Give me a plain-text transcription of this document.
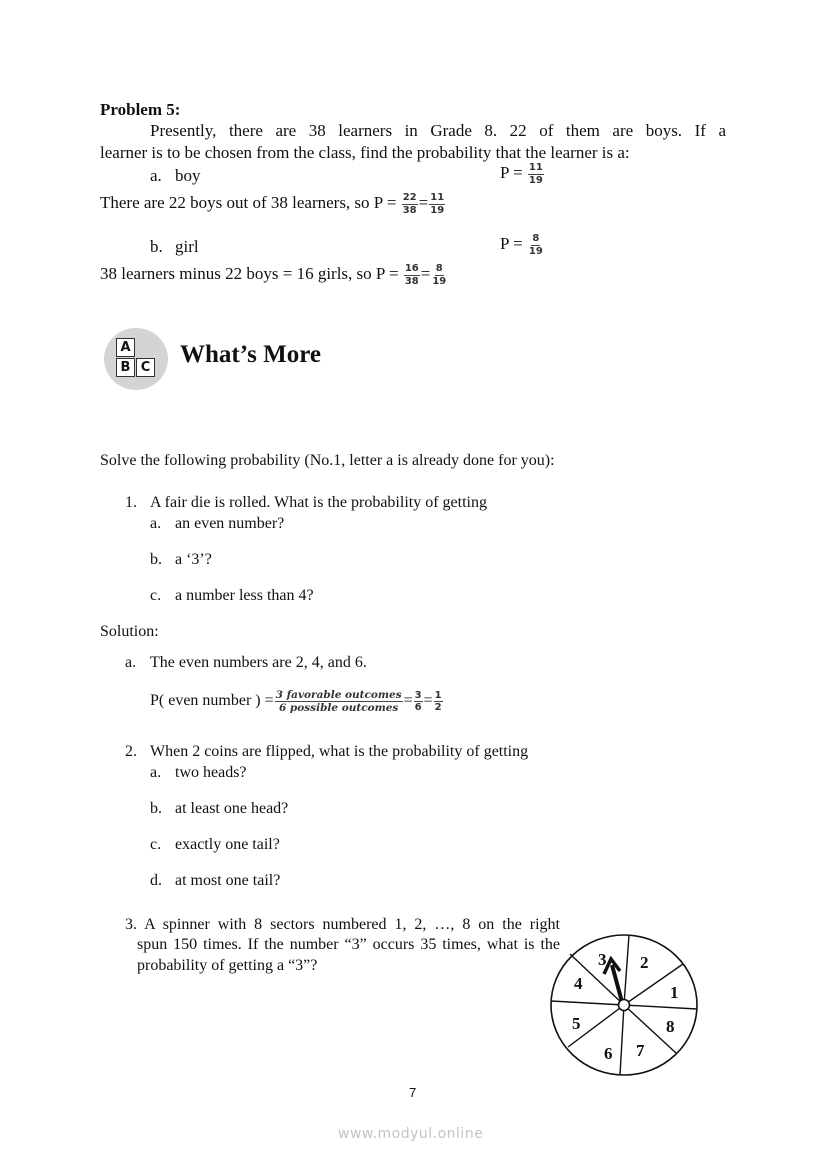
Problem 5:
Presently, there are 38 learners in Grade 8. 22 of them are boys. If a
learner is to be chosen from the class, find the probability that the learner is a:
a. boy	$P = \frac{11}{19}$
There are 22 boys out of 38 learners, so $P = \frac{22}{38} = \frac{11}{19}$
b. girl	$P = \frac{8}{19}$
38 learners minus 22 boys = 16 girls, so $P = \frac{16}{38} = \frac{8}{19}$
A
B C What’s More
Solve the following probability (No.1, letter a is already done for you):
1. A fair die is rolled. What is the probability of getting
a. an even number?
b. a ‘3’?
c. a number less than 4?
Solution:
a. The even numbers are 2, 4, and 6.
P( even number ) = $\frac{\text{3 favorable outcomes}}{\text{6 possible outcomes}} = \frac{3}{6} = \frac{1}{2}$
2. When 2 coins are flipped, what is the probability of getting
a. two heads?
b. at least one head?
c. exactly one tail?
d. at most one tail?
3. A spinner with 8 sectors numbered 1, 2, …, 8 on the right
spun 150 times. If the number “3” occurs 35 times, what is the
probability of getting a “3”?
1
2
3
4
5
6 7
8
7
www.modyul.online
